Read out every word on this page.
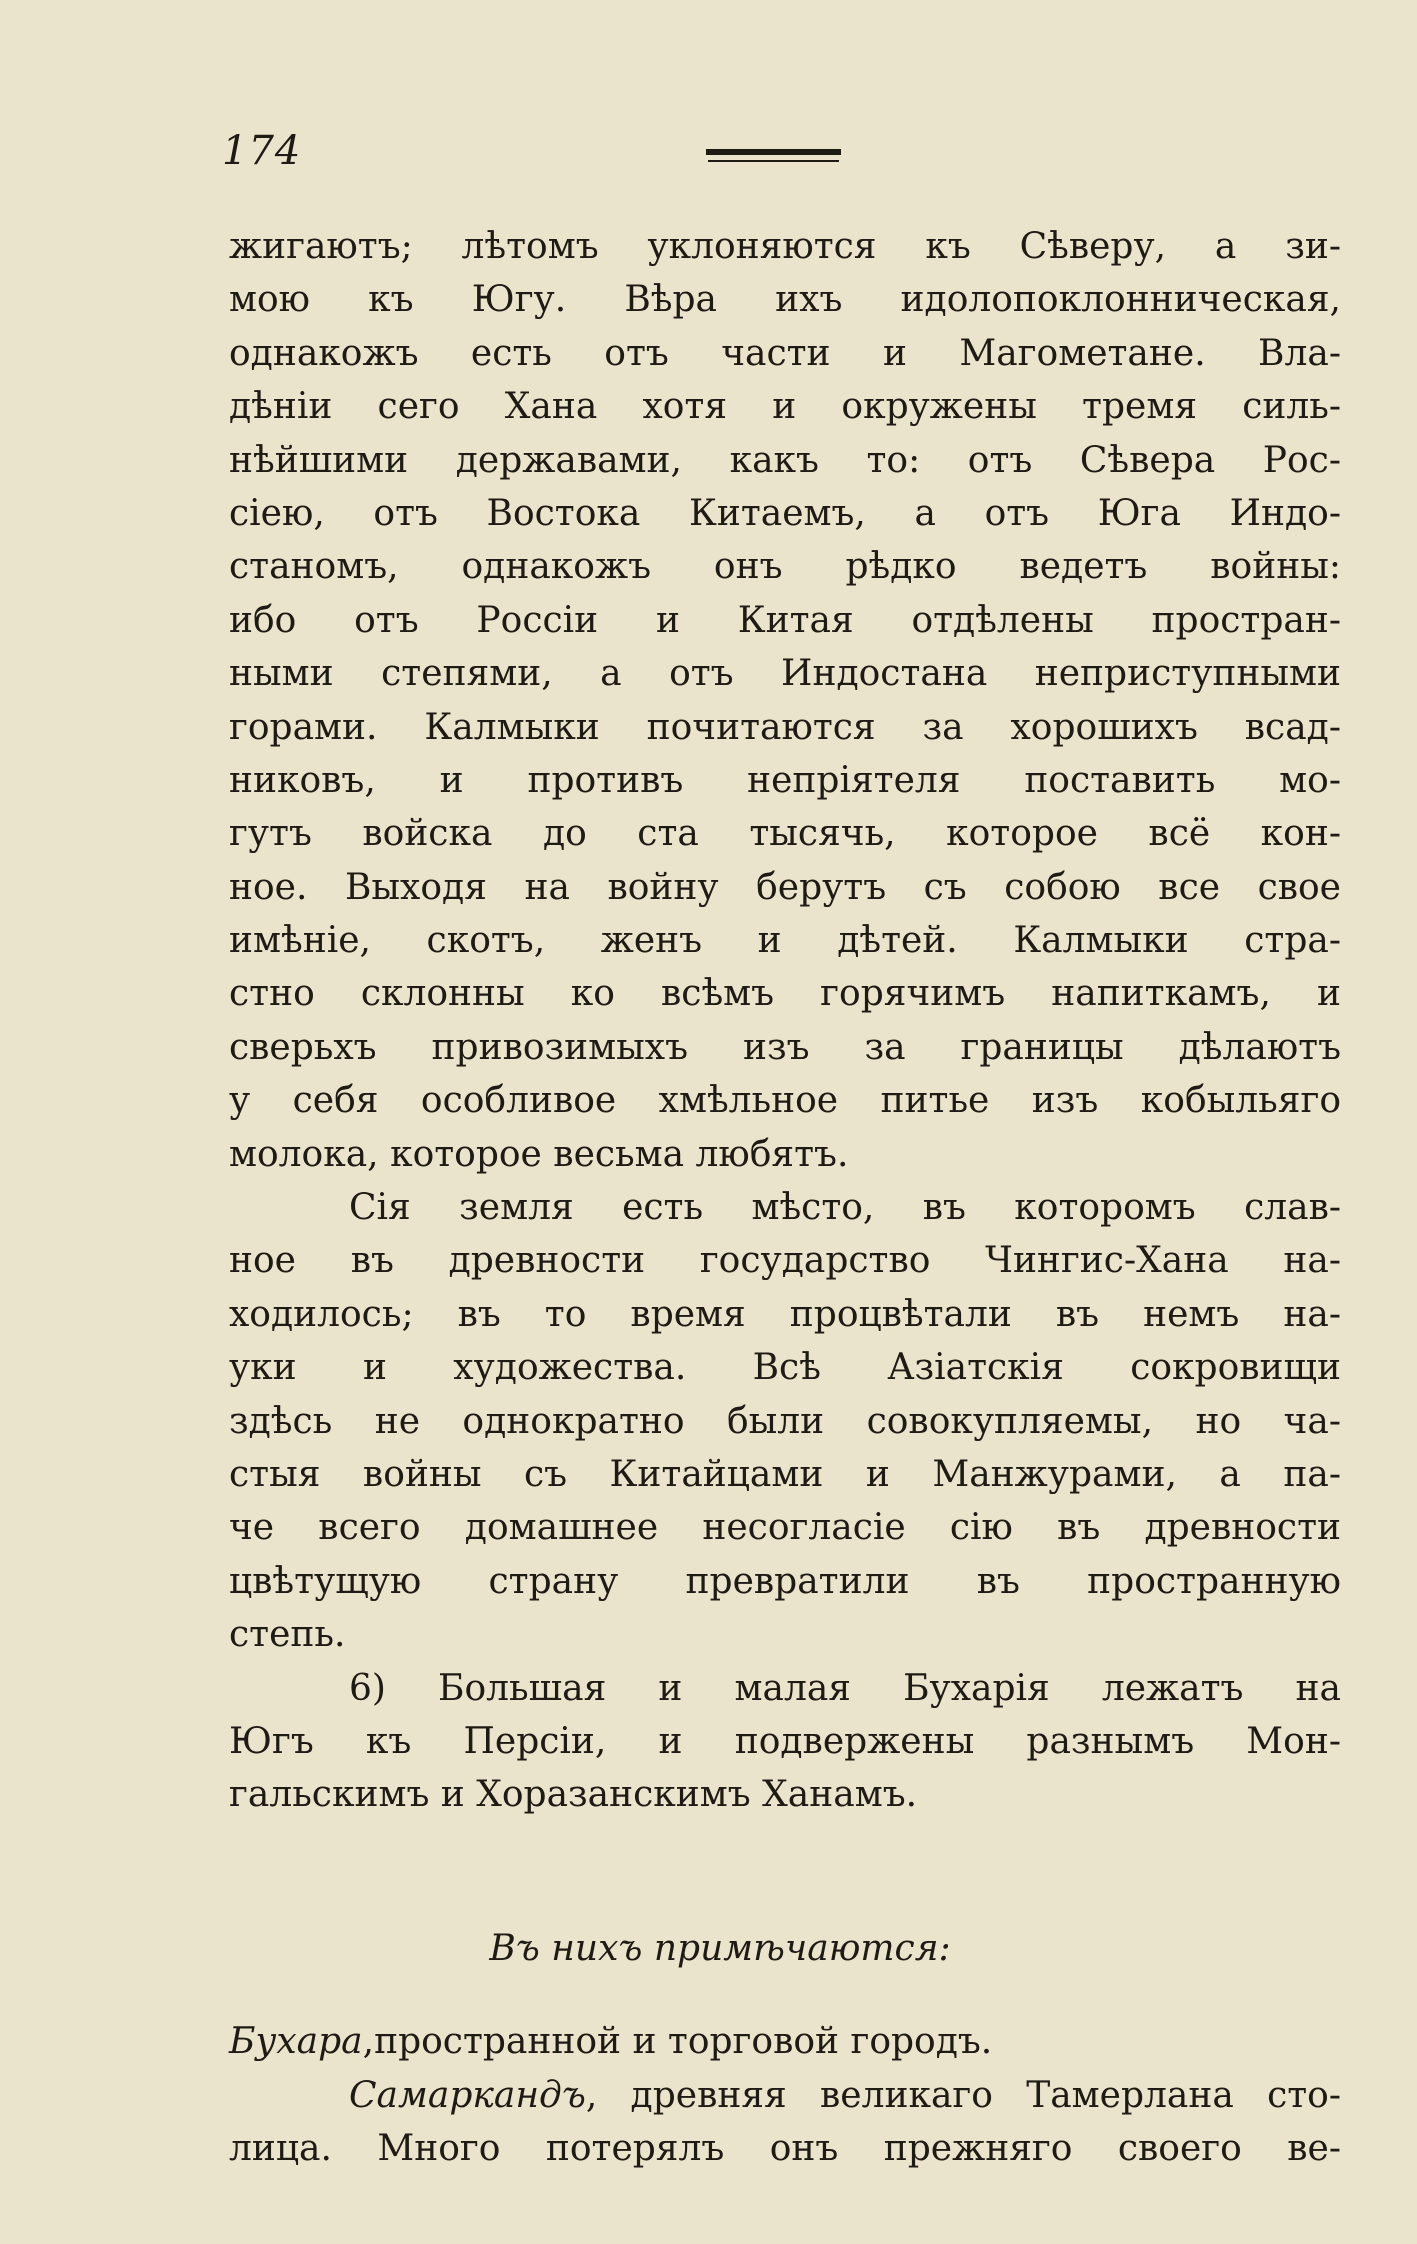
174
жигаютъ; лѣтомъ уклоняются къ Сѣверу, а зи-
мою къ Югу. Вѣра ихъ идолопоклонническая,
однакожъ есть отъ части и Магометане. Вла-
дѣнiи сего Хана хотя и окружены тремя силь-
нѣйшими державами, какъ то: отъ Сѣвера Рос-
сiею, отъ Востока Китаемъ, а отъ Юга Индо-
станомъ, однакожъ онъ рѣдко ведетъ войны:
ибо отъ Россiи и Китая отдѣлены простран-
ными степями, а отъ Индостана неприступными
горами. Калмыки почитаются за хорошихъ всад-
никовъ, и противъ непрiятеля поставить мо-
гутъ войска до ста тысячь, которое всё кон-
ное. Выходя на войну берутъ съ собою все свое
имѣнiе, скотъ, женъ и дѣтей. Калмыки стра-
стно склонны ко всѣмъ горячимъ напиткамъ, и
сверьхъ привозимыхъ изъ за границы дѣлаютъ
у себя особливое хмѣльное питье изъ кобыльяго
молока, которое весьма любятъ.
Сiя земля есть мѣсто, въ которомъ слав-
ное въ древности государство Чингис-Хана на-
ходилось; въ то время процвѣтали въ немъ на-
уки и художества. Всѣ Азiатскiя сокровищи
здѣсь не однократно были совокупляемы, но ча-
стыя войны съ Китайцами и Манжурами, а па-
че всего домашнее несогласiе сiю въ древности
цвѣтущую страну превратили въ пространную
степь.
6) Большая и малая Бухарiя лежатъ на
Югъ къ Персiи, и подвержены разнымъ Мон-
гальскимъ и Хоразанскимъ Ханамъ.
Въ нихъ примѣчаются:
Бухара,пространной и торговой городъ.
Самаркандъ, древняя великаго Тамерлана сто-
лица. Много потерялъ онъ прежняго своего ве-
